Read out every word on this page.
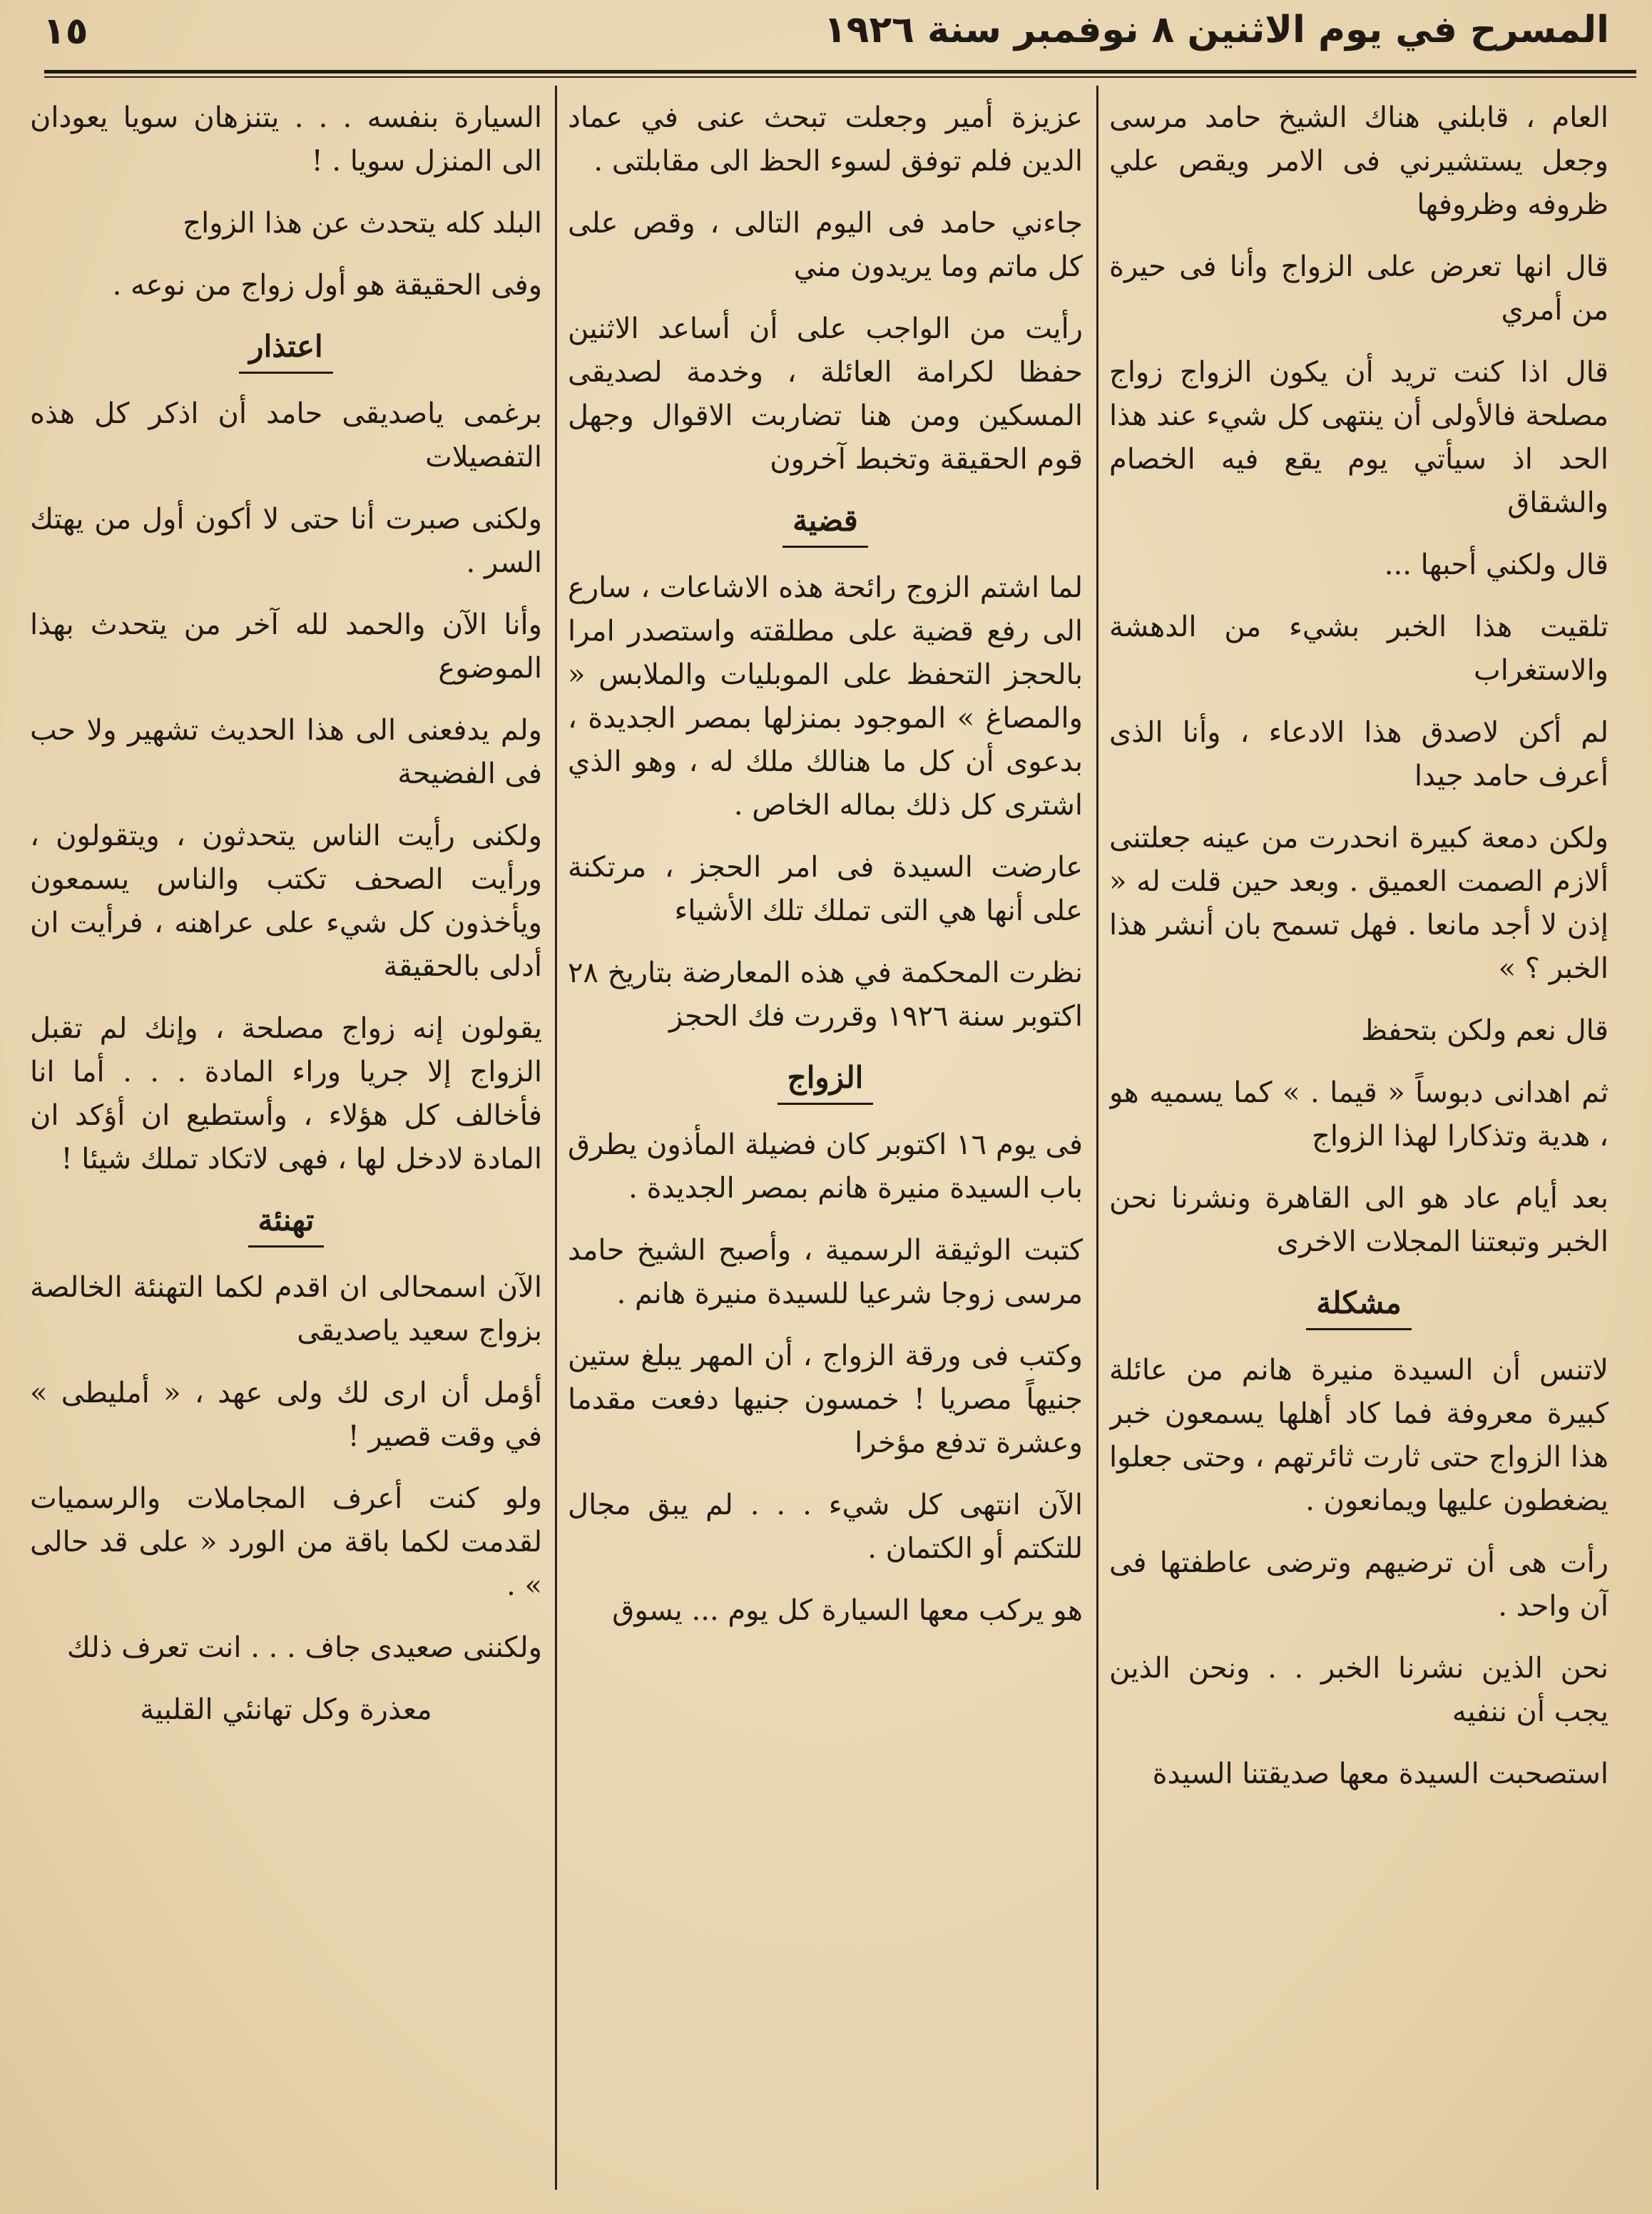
المسرح في يوم الاثنين ٨ نوفمبر سنة ١٩٢٦
١٥

العام ، قابلني هناك الشيخ حامد مرسى وجعل يستشيرني فى الامر ويقص علي ظروفه وظروفها

قال انها تعرض على الزواج وأنا فى حيرة من أمري

قال اذا كنت تريد أن يكون الزواج زواج مصلحة فالأولى أن ينتهى كل شيء عند هذا الحد اذ سيأتي يوم يقع فيه الخصام والشقاق

قال ولكني أحبها ...

تلقيت هذا الخبر بشيء من الدهشة والاستغراب

لم أكن لاصدق هذا الادعاء ، وأنا الذى أعرف حامد جيدا

ولكن دمعة كبيرة انحدرت من عينه جعلتنى ألازم الصمت العميق . وبعد حين قلت له « إذن لا أجد مانعا . فهل تسمح بان أنشر هذا الخبر ؟ »

قال نعم ولكن بتحفظ

ثم اهدانى دبوساً « قيما . » كما يسميه هو ، هدية وتذكارا لهذا الزواج

بعد أيام عاد هو الى القاهرة ونشرنا نحن الخبر وتبعتنا المجلات الاخرى

مشكلة

لاتنس أن السيدة منيرة هانم من عائلة كبيرة معروفة فما كاد أهلها يسمعون خبر هذا الزواج حتى ثارت ثائرتهم ، وحتى جعلوا يضغطون عليها ويمانعون .

رأت هى أن ترضيهم وترضى عاطفتها فى آن واحد .

نحن الذين نشرنا الخبر . . ونحن الذين يجب أن ننفيه

استصحبت السيدة معها صديقتنا السيدة

عزيزة أمير وجعلت تبحث عنى في عماد الدين فلم توفق لسوء الحظ الى مقابلتى .

جاءني حامد فى اليوم التالى ، وقص على كل ماتم وما يريدون مني

رأيت من الواجب على أن أساعد الاثنين حفظا لكرامة العائلة ، وخدمة لصديقى المسكين ومن هنا تضاربت الاقوال وجهل قوم الحقيقة وتخبط آخرون

قضية

لما اشتم الزوج رائحة هذه الاشاعات ، سارع الى رفع قضية على مطلقته واستصدر امرا بالحجز التحفظ على الموبليات والملابس « والمصاغ » الموجود بمنزلها بمصر الجديدة ، بدعوى أن كل ما هنالك ملك له ، وهو الذي اشترى كل ذلك بماله الخاص .

عارضت السيدة فى امر الحجز ، مرتكنة على أنها هي التى تملك تلك الأشياء

نظرت المحكمة في هذه المعارضة بتاريخ ٢٨ اكتوبر سنة ١٩٢٦ وقررت فك الحجز

الزواج

فى يوم ١٦ اكتوبر كان فضيلة المأذون يطرق باب السيدة منيرة هانم بمصر الجديدة .

كتبت الوثيقة الرسمية ، وأصبح الشيخ حامد مرسى زوجا شرعيا للسيدة منيرة هانم .

وكتب فى ورقة الزواج ، أن المهر يبلغ ستين جنيهاً مصريا ! خمسون جنيها دفعت مقدما وعشرة تدفع مؤخرا

الآن انتهى كل شيء . . . لم يبق مجال للتكتم أو الكتمان .

هو يركب معها السيارة كل يوم ... يسوق

السيارة بنفسه . . . يتنزهان سويا يعودان الى المنزل سويا . !

البلد كله يتحدث عن هذا الزواج

وفى الحقيقة هو أول زواج من نوعه .

اعتذار

برغمى ياصديقى حامد أن اذكر كل هذه التفصيلات

ولكنى صبرت أنا حتى لا أكون أول من يهتك السر .

وأنا الآن والحمد لله آخر من يتحدث بهذا الموضوع

ولم يدفعنى الى هذا الحديث تشهير ولا حب فى الفضيحة

ولكنى رأيت الناس يتحدثون ، ويتقولون ، ورأيت الصحف تكتب والناس يسمعون ويأخذون كل شيء على عراهنه ، فرأيت ان أدلى بالحقيقة

يقولون إنه زواج مصلحة ، وإنك لم تقبل الزواج إلا جريا وراء المادة . . . أما انا فأخالف كل هؤلاء ، وأستطيع ان أؤكد ان المادة لادخل لها ، فهى لاتكاد تملك شيئا !

تهنئة

الآن اسمحالى ان اقدم لكما التهنئة الخالصة بزواج سعيد ياصديقى

أؤمل أن ارى لك ولى عهد ، « أمليطى » في وقت قصير !

ولو كنت أعرف المجاملات والرسميات لقدمت لكما باقة من الورد « على قد حالى » .

ولكننى صعيدى جاف . . . انت تعرف ذلك

معذرة وكل تهانئي القلبية
